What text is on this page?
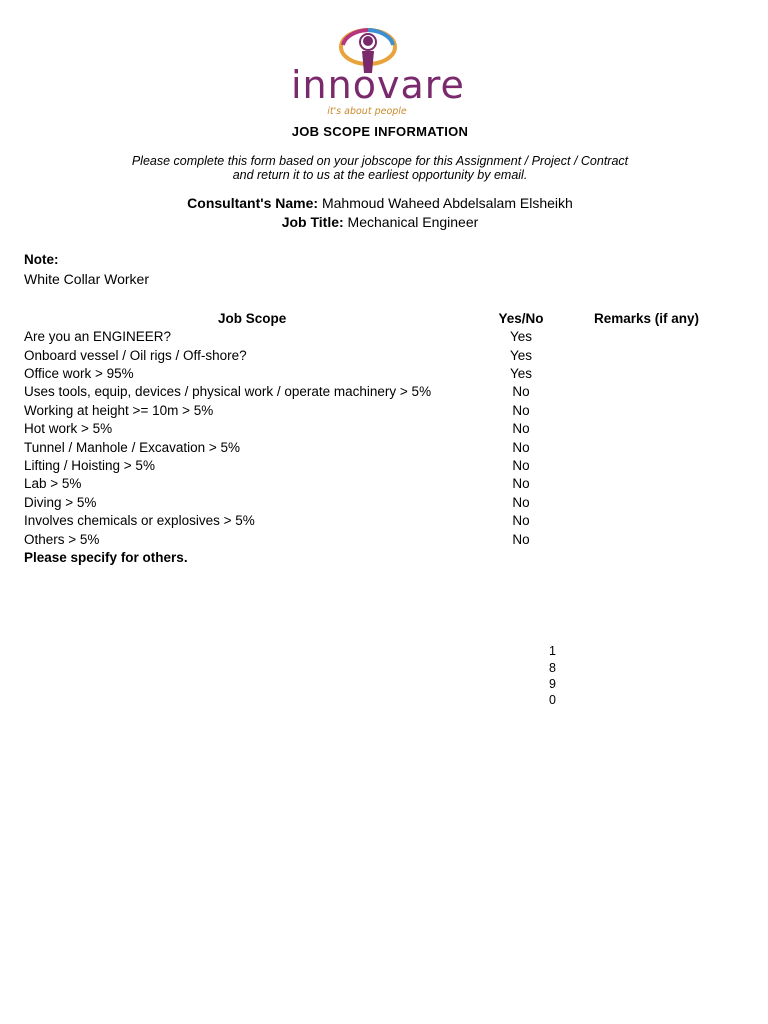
innovare
it's about people
JOB SCOPE INFORMATION
Please complete this form based on your jobscope for this Assignment / Project / Contract
and return it to us at the earliest opportunity by email.
Consultant's Name: Mahmoud Waheed Abdelsalam Elsheikh
Job Title: Mechanical Engineer
Note:
White Collar Worker
Job Scope	Yes/No	Remarks (if any)
Are you an ENGINEER?	Yes
Onboard vessel / Oil rigs / Off-shore?	Yes
Office work > 95%	Yes
Uses tools, equip, devices / physical work / operate machinery > 5%	No
Working at height >= 10m > 5%	No
Hot work > 5%	No
Tunnel / Manhole / Excavation > 5%	No
Lifting / Hoisting > 5%	No
Lab > 5%	No
Diving > 5%	No
Involves chemicals or explosives > 5%	No
Others > 5%	No
Please specify for others.
1
8
9
0
